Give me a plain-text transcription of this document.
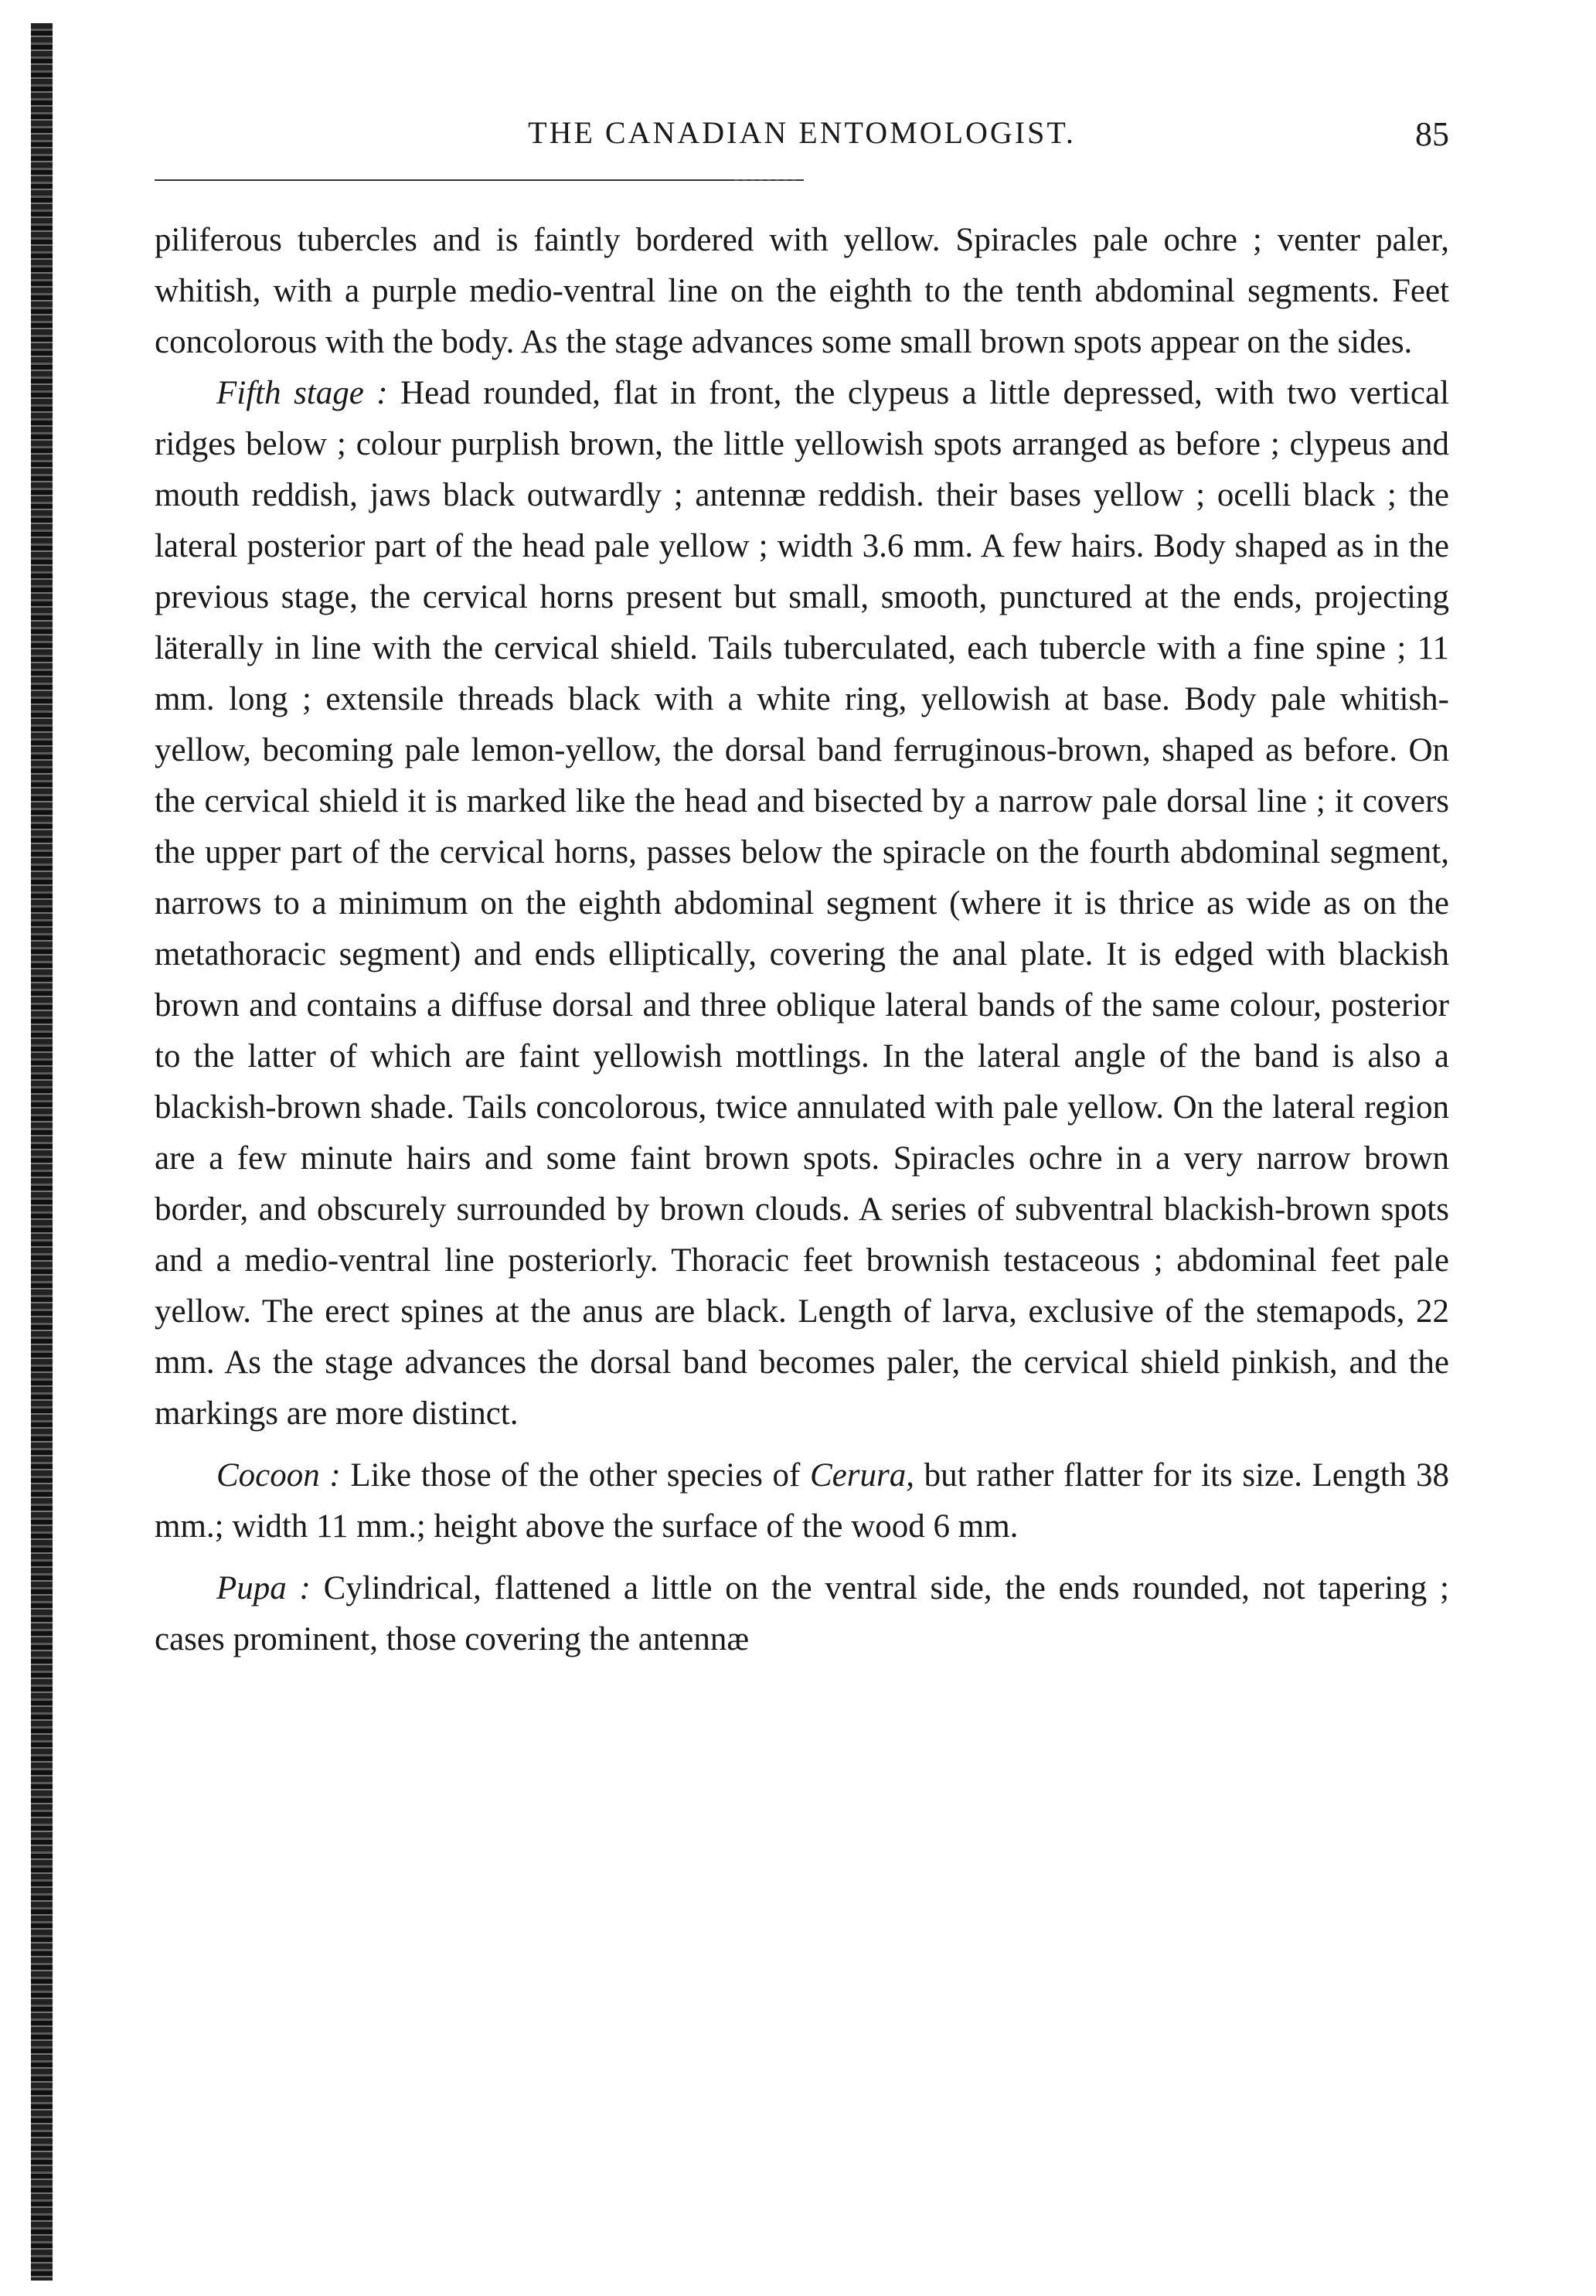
THE CANADIAN ENTOMOLOGIST.	85

piliferous tubercles and is faintly bordered with yellow. Spiracles pale ochre ; venter paler, whitish, with a purple medio-ventral line on the eighth to the tenth abdominal segments. Feet concolorous with the body. As the stage advances some small brown spots appear on the sides.

Fifth stage : Head rounded, flat in front, the clypeus a little depressed, with two vertical ridges below ; colour purplish brown, the little yellowish spots arranged as before ; clypeus and mouth reddish, jaws black outwardly ; antennæ reddish. their bases yellow ; ocelli black ; the lateral posterior part of the head pale yellow ; width 3.6 mm. A few hairs. Body shaped as in the previous stage, the cervical horns present but small, smooth, punctured at the ends, projecting läterally in line with the cervical shield. Tails tuberculated, each tubercle with a fine spine ; 11 mm. long ; extensile threads black with a white ring, yellowish at base. Body pale whitish-yellow, becoming pale lemon-yellow, the dorsal band ferruginous-brown, shaped as before. On the cervical shield it is marked like the head and bisected by a narrow pale dorsal line ; it covers the upper part of the cervical horns, passes below the spiracle on the fourth abdominal segment, narrows to a minimum on the eighth abdominal segment (where it is thrice as wide as on the metathoracic segment) and ends elliptically, covering the anal plate. It is edged with blackish brown and contains a diffuse dorsal and three oblique lateral bands of the same colour, posterior to the latter of which are faint yellowish mottlings. In the lateral angle of the band is also a blackish-brown shade. Tails concolorous, twice annulated with pale yellow. On the lateral region are a few minute hairs and some faint brown spots. Spiracles ochre in a very narrow brown border, and obscurely surrounded by brown clouds. A series of subventral blackish-brown spots and a medio-ventral line posteriorly. Thoracic feet brownish testaceous ; abdominal feet pale yellow. The erect spines at the anus are black. Length of larva, exclusive of the stemapods, 22 mm. As the stage advances the dorsal band becomes paler, the cervical shield pinkish, and the markings are more distinct.

Cocoon : Like those of the other species of Cerura, but rather flatter for its size. Length 38 mm.; width 11 mm.; height above the surface of the wood 6 mm.

Pupa : Cylindrical, flattened a little on the ventral side, the ends rounded, not tapering ; cases prominent, those covering the antennæ
